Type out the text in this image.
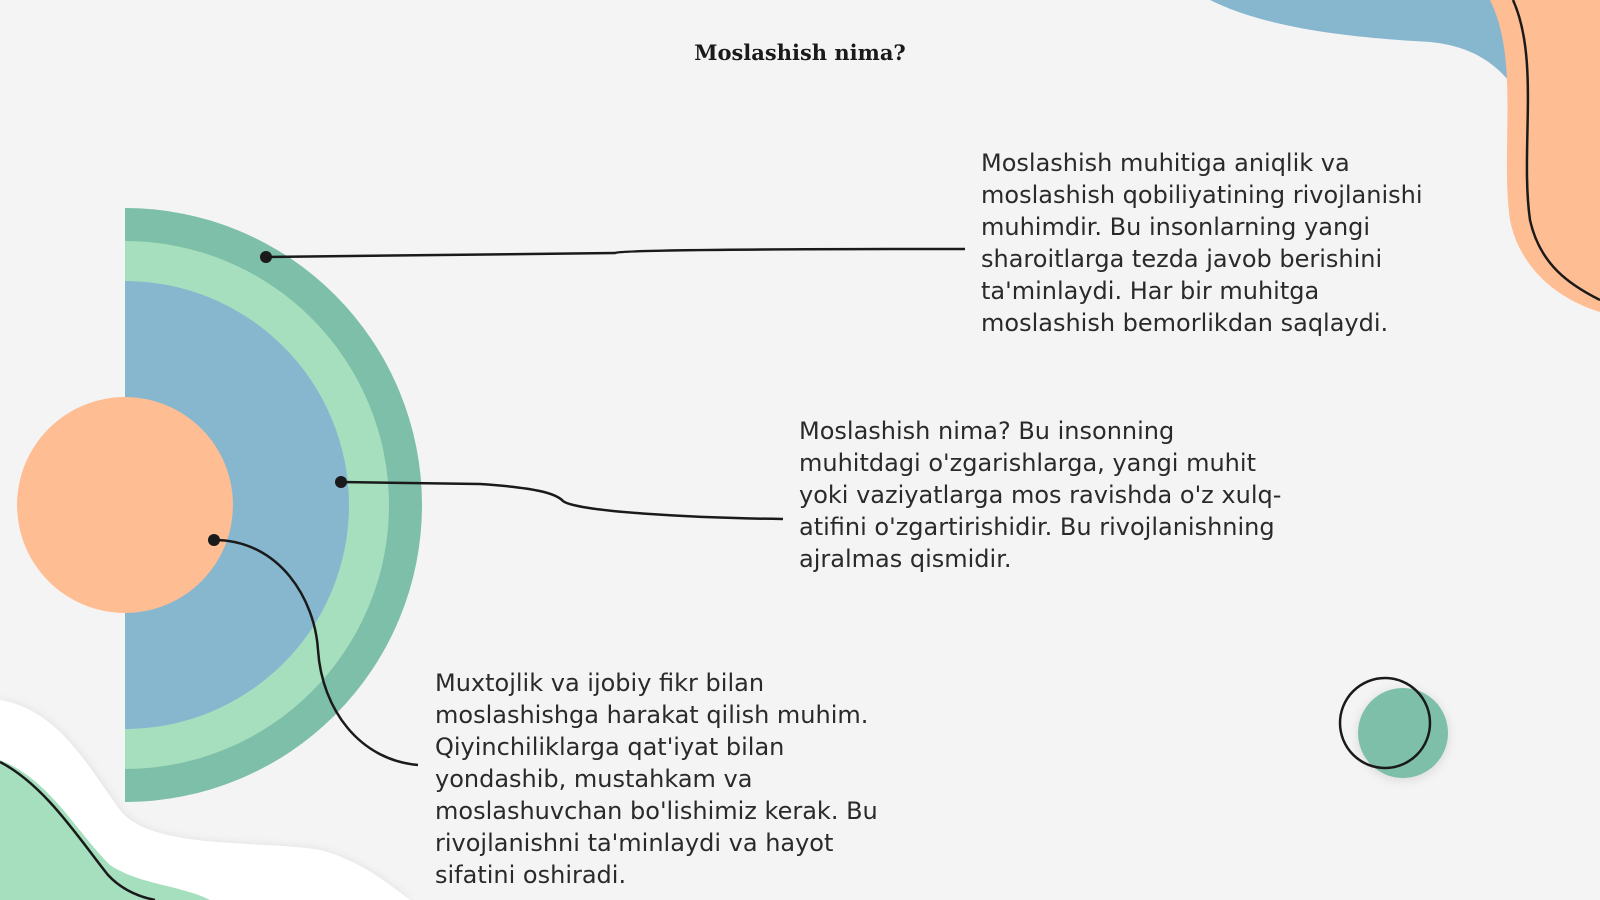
Moslashish nima?

Moslashish muhitiga aniqlik va moslashish qobiliyatining rivojlanishi muhimdir. Bu insonlarning yangi sharoitlarga tezda javob berishini ta'minlaydi. Har bir muhitga moslashish bemorlikdan saqlaydi.

Moslashish nima? Bu insonning muhitdagi o'zgarishlarga, yangi muhit yoki vaziyatlarga mos ravishda o'z xulq-atifini o'zgartirishidir. Bu rivojlanishning ajralmas qismidir.

Muxtojlik va ijobiy fikr bilan moslashishga harakat qilish muhim. Qiyinchiliklarga qat'iyat bilan yondashib, mustahkam va moslashuvchan bo'lishimiz kerak. Bu rivojlanishni ta'minlaydi va hayot sifatini oshiradi.
